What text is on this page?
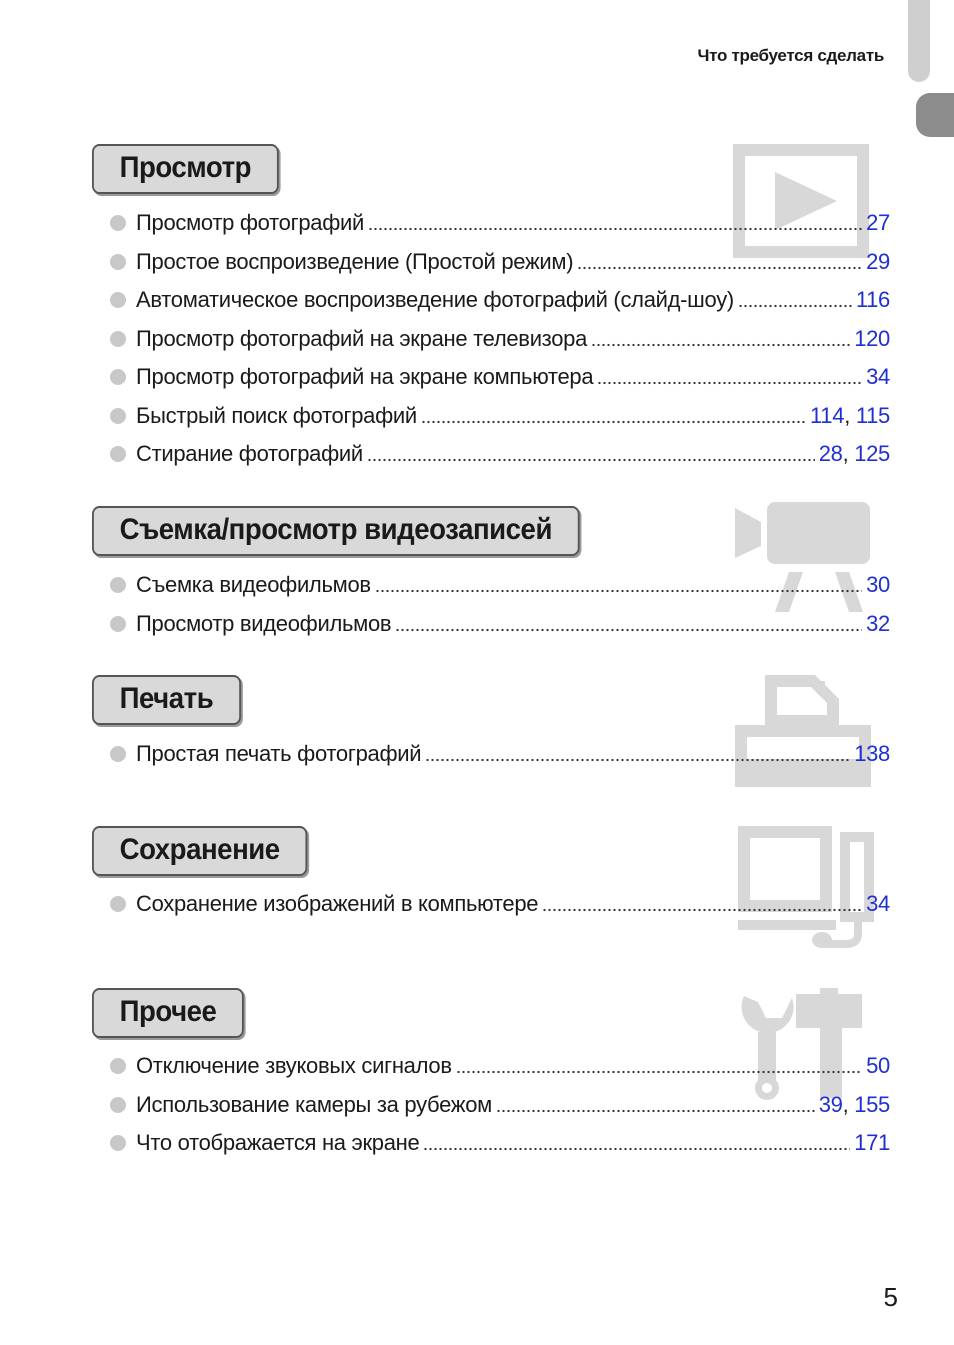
Что требуется сделать
Просмотр
Просмотр фотографий	27
Простое воспроизведение (Простой режим)	29
Автоматическое воспроизведение фотографий (слайд-шоу)	116
Просмотр фотографий на экране телевизора	120
Просмотр фотографий на экране компьютера	34
Быстрый поиск фотографий	114, 115
Стирание фотографий	28, 125
Съемка/просмотр видеозаписей
Съемка видеофильмов	30
Просмотр видеофильмов	32
Печать
Простая печать фотографий	138
Сохранение
Сохранение изображений в компьютере	34
Прочее
Отключение звуковых сигналов	50
Использование камеры за рубежом	39, 155
Что отображается на экране	171
5
